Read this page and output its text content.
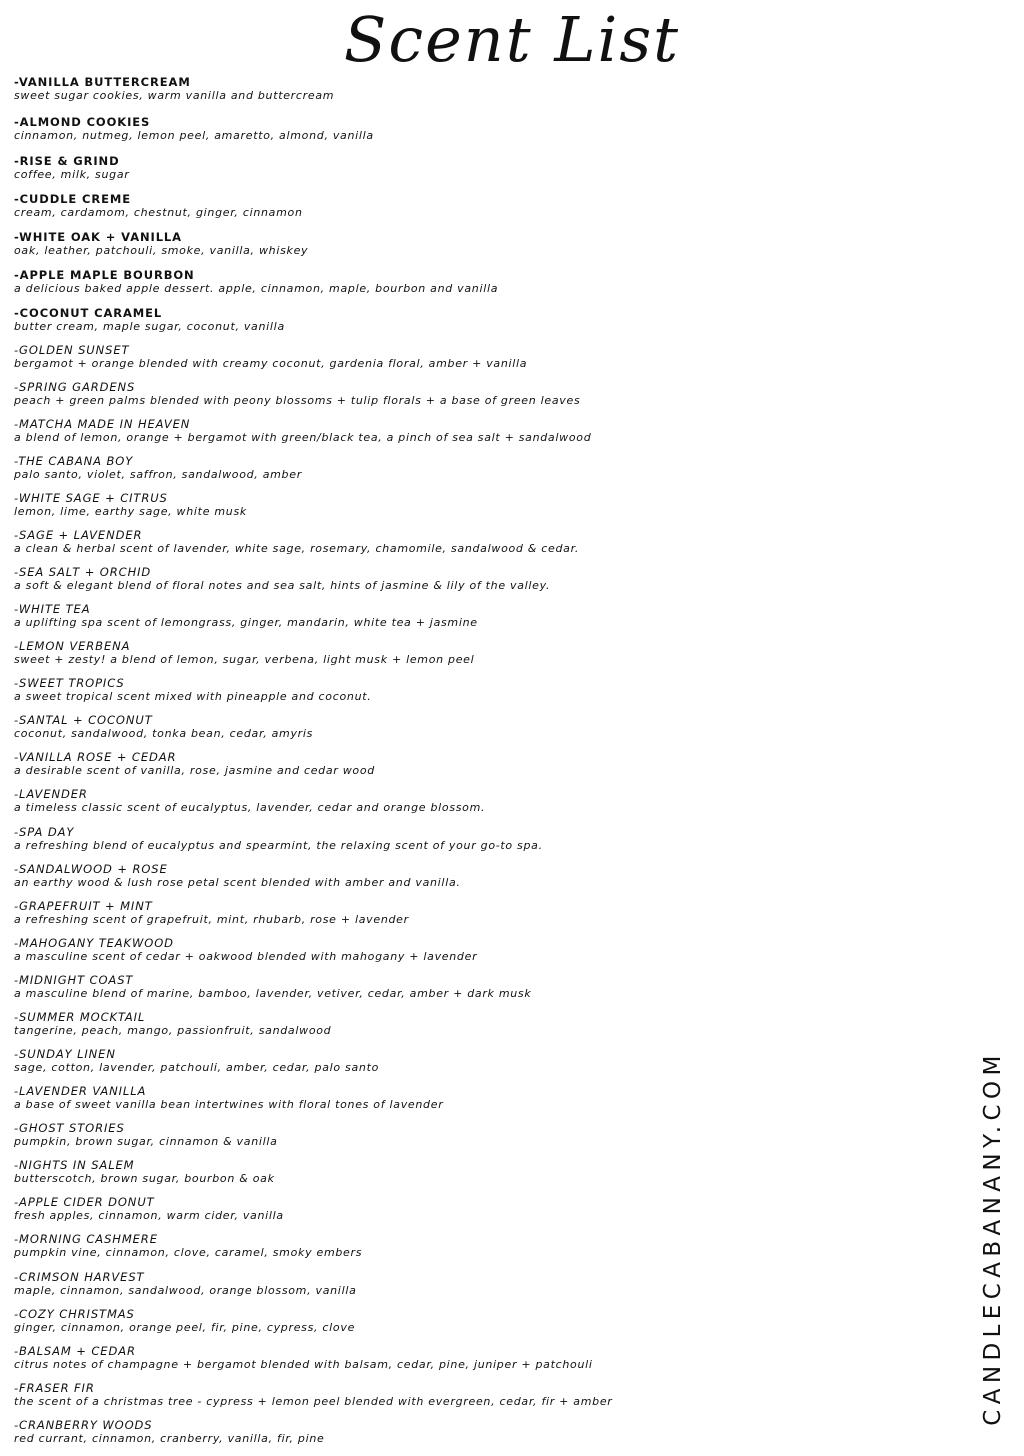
Scent List
-VANILLA BUTTERCREAM
sweet sugar cookies, warm vanilla and buttercream
-ALMOND COOKIES
cinnamon, nutmeg, lemon peel, amaretto, almond, vanilla
-RISE & GRIND
coffee, milk, sugar
-CUDDLE CREME
cream, cardamom, chestnut, ginger, cinnamon
-WHITE OAK + VANILLA
oak, leather, patchouli, smoke, vanilla, whiskey
-APPLE MAPLE BOURBON
a delicious baked apple dessert. apple, cinnamon, maple, bourbon and vanilla
-COCONUT CARAMEL
butter cream, maple sugar, coconut, vanilla
-GOLDEN SUNSET
bergamot + orange blended with creamy coconut, gardenia floral, amber + vanilla
-SPRING GARDENS
peach + green palms blended with peony blossoms + tulip florals + a base of green leaves
-MATCHA MADE IN HEAVEN
a blend of lemon, orange + bergamot with green/black tea, a pinch of sea salt + sandalwood
-THE CABANA BOY
palo santo, violet, saffron, sandalwood, amber
-WHITE SAGE + CITRUS
lemon, lime, earthy sage, white musk
-SAGE + LAVENDER
a clean & herbal scent of lavender, white sage, rosemary, chamomile, sandalwood & cedar.
-SEA SALT + ORCHID
a soft & elegant blend of floral notes and sea salt, hints of jasmine & lily of the valley.
-WHITE TEA
a uplifting spa scent of lemongrass, ginger, mandarin, white tea + jasmine
-LEMON VERBENA
sweet + zesty! a blend of lemon, sugar, verbena, light musk + lemon peel
-SWEET TROPICS
a sweet tropical scent mixed with pineapple and coconut.
-SANTAL + COCONUT
coconut, sandalwood, tonka bean, cedar, amyris
-VANILLA ROSE + CEDAR
a desirable scent of vanilla, rose, jasmine and cedar wood
-LAVENDER
a timeless classic scent of eucalyptus, lavender, cedar and orange blossom.
-SPA DAY
a refreshing blend of eucalyptus and spearmint, the relaxing scent of your go-to spa.
-SANDALWOOD + ROSE
an earthy wood & lush rose petal scent blended with amber and vanilla.
-GRAPEFRUIT + MINT
a refreshing scent of grapefruit, mint, rhubarb, rose + lavender
-MAHOGANY TEAKWOOD
a masculine scent of cedar + oakwood blended with mahogany + lavender
-MIDNIGHT COAST
a masculine blend of marine, bamboo, lavender, vetiver, cedar, amber + dark musk
-SUMMER MOCKTAIL
tangerine, peach, mango, passionfruit, sandalwood
-SUNDAY LINEN
sage, cotton, lavender, patchouli, amber, cedar, palo santo
-LAVENDER VANILLA
a base of sweet vanilla bean intertwines with floral tones of lavender
-GHOST STORIES
pumpkin, brown sugar, cinnamon & vanilla
-NIGHTS IN SALEM
butterscotch, brown sugar, bourbon & oak
-APPLE CIDER DONUT
fresh apples, cinnamon, warm cider, vanilla
-MORNING CASHMERE
pumpkin vine, cinnamon, clove, caramel, smoky embers
-CRIMSON HARVEST
maple, cinnamon, sandalwood, orange blossom, vanilla
-COZY CHRISTMAS
ginger, cinnamon, orange peel, fir, pine, cypress, clove
-BALSAM + CEDAR
citrus notes of champagne + bergamot blended with balsam, cedar, pine, juniper + patchouli
-FRASER FIR
the scent of a christmas tree - cypress + lemon peel blended with evergreen, cedar, fir + amber
-CRANBERRY WOODS
red currant, cinnamon, cranberry, vanilla, fir, pine
CANDLECABANANY.COM
